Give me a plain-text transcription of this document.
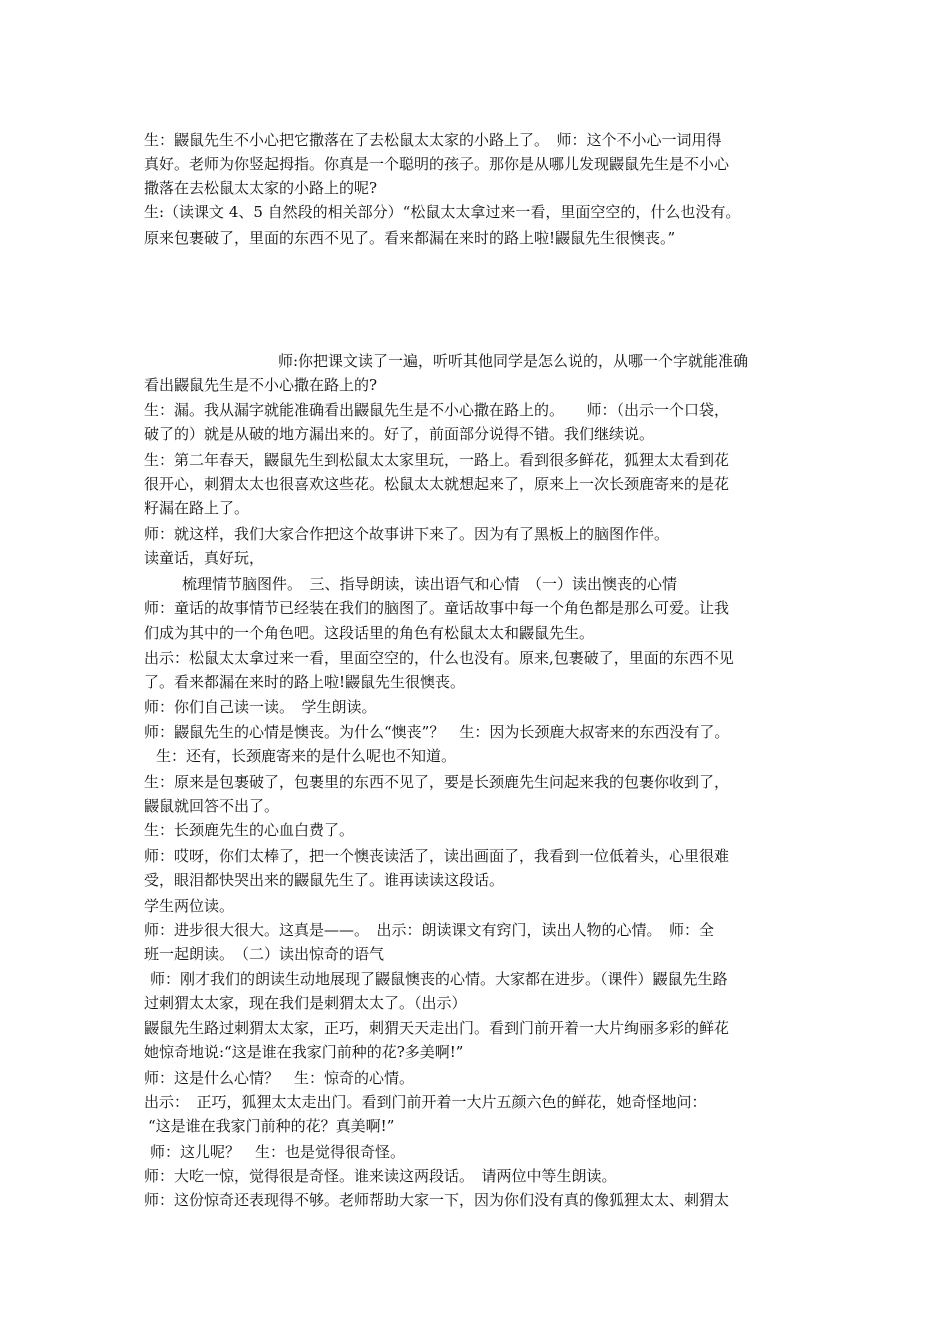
生：鼹鼠先生不小心把它撒落在了去松鼠太太家的小路上了。　师：这个不小心一词用得
真好。老师为你竖起拇指。你真是一个聪明的孩子。那你是从哪儿发现鼹鼠先生是不小心
撒落在去松鼠太太家的小路上的呢?
生:（读课文 4、5 自然段的相关部分）“松鼠太太拿过来一看，里面空空的，什么也没有。
原来包裹破了，里面的东西不见了。看来都漏在来时的路上啦!鼹鼠先生很懊丧。”
师:你把课文读了一遍，听听其他同学是怎么说的，从哪一个字就能准确
看出鼹鼠先生是不小心撒在路上的?
生：漏。我从漏字就能准确看出鼹鼠先生是不小心撒在路上的。　　师：（出示一个口袋，
破了的）就是从破的地方漏出来的。好了，前面部分说得不错。我们继续说。
生：第二年春天，鼹鼠先生到松鼠太太家里玩，一路上。看到很多鲜花，狐狸太太看到花
很开心，刺猬太太也很喜欢这些花。松鼠太太就想起来了，原来上一次长颈鹿寄来的是花
籽漏在路上了。
师：就这样，我们大家合作把这个故事讲下来了。因为有了黑板上的脑图作伴。
读童话，真好玩，
梳理情节脑图件。　三、指导朗读，读出语气和心情　（一）读出懊丧的心情
师：童话的故事情节已经装在我们的脑图了。童话故事中每一个角色都是那么可爱。让我
们成为其中的一个角色吧。这段话里的角色有松鼠太太和鼹鼠先生。
出示：松鼠太太拿过来一看，里面空空的，什么也没有。原来,包裹破了，里面的东西不见
了。看来都漏在来时的路上啦!鼹鼠先生很懊丧。
师：你们自己读一读。　学生朗读。
师：鼹鼠先生的心情是懊丧。为什么“懊丧”？　生：因为长颈鹿大叔寄来的东西没有了。
生：还有，长颈鹿寄来的是什么呢也不知道。
生：原来是包裹破了，包裹里的东西不见了，要是长颈鹿先生问起来我的包裹你收到了，
鼹鼠就回答不出了。
生：长颈鹿先生的心血白费了。
师：哎呀，你们太棒了，把一个懊丧读活了，读出画面了，我看到一位低着头，心里很难
受，眼泪都快哭出来的鼹鼠先生了。谁再读读这段话。
学生两位读。
师：进步很大很大。这真是——。　出示：朗读课文有窍门，读出人物的心情。　师：全
班一起朗读。　（二）读出惊奇的语气
师：刚才我们的朗读生动地展现了鼹鼠懊丧的心情。大家都在进步。（课件）鼹鼠先生路
过刺猬太太家，现在我们是刺猬太太了。（出示）
鼹鼠先生路过刺猬太太家，正巧，刺猬天天走出门。看到门前开着一大片绚丽多彩的鲜花
她惊奇地说:“这是谁在我家门前种的花?多美啊!”
师：这是什么心情？　生：惊奇的心情。
出示：　正巧，狐狸太太走出门。看到门前开着一大片五颜六色的鲜花，她奇怪地问：
“这是谁在我家门前种的花？真美啊!”
师：这儿呢？　生：也是觉得很奇怪。
师：大吃一惊，觉得很是奇怪。谁来读这两段话。　请两位中等生朗读。
师：这份惊奇还表现得不够。老师帮助大家一下，因为你们没有真的像狐狸太太、刺猬太
